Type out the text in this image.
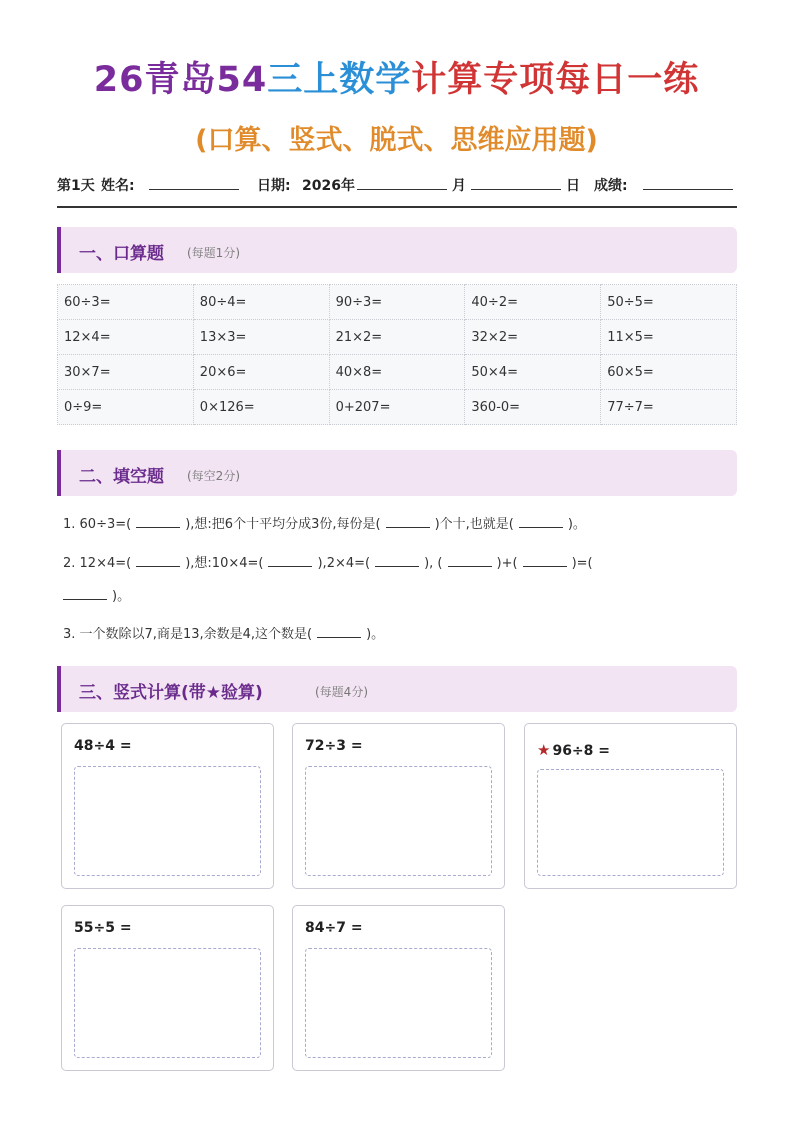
26青岛54三上数学计算专项每日一练
(口算、竖式、脱式、思维应用题)
第1天 姓名:	日期: 2026年	月	日 成绩:
一、口算题 (每题1分)
60÷3=	80÷4=	90÷3=	40÷2=	50÷5=
12×4=	13×3=	21×2=	32×2=	11×5=
30×7=	20×6=	40×8=	50×4=	60×5=
0÷9=	0×126=	0+207=	360-0=	77÷7=
二、填空题 (每空2分)
1. 60÷3=(	),想:把6个十平均分成3份,每份是(	)个十,也就是(	)。
2. 12×4=(	),想:10×4=(	),2×4=(	), (	)+(	)=(
)。
3. 一个数除以7,商是13,余数是4,这个数是(	)。
三、竖式计算(带★验算)	(每题4分)
48÷4 =	72÷3 =	★ 96÷8 =
55÷5 =	84÷7 =
